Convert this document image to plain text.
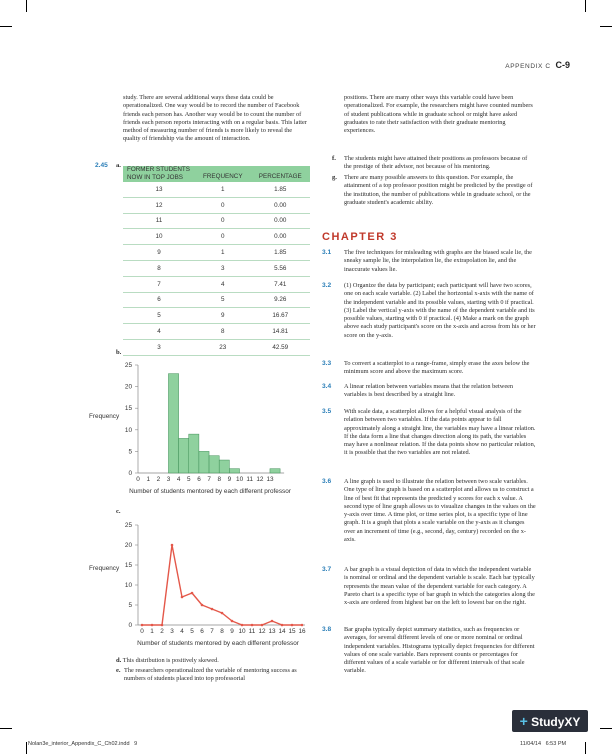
APPENDIX C C-9
study. There are several additional ways these data could be operationalized. One way would be to record the number of Facebook friends each person has. Another way would be to count the number of friends each person reports interacting with on a regular basis. This latter method of measuring number of friends is more likely to reveal the quality of friendship via the amount of interaction.
2.45 a.
FORMER STUDENTS NOW IN TOP JOBS	FREQUENCY	PERCENTAGE
13	1	1.85
12	0	0.00
11	0	0.00
10	0	0.00
9	1	1.85
8	3	5.56
7	4	7.41
6	5	9.26
5	9	16.67
4	8	14.81
3	23	42.59
b.
0
5
10
15
20
25
0 1 2 3 4 5 6 7 8 9 10 11 12 13
Frequency
Number of students mentored by each different professor
c.
0
5
10
15
20
25
0 1 2 3 4 5 6 7 8 9 10 11 12 13 14 15 16
Frequency
Number of students mentored by each different professor
d. This distribution is positively skewed.
e. The researchers operationalized the variable of mentoring success as numbers of students placed into top professorial
positions. There are many other ways this variable could have been operationalized. For example, the researchers might have counted numbers of student publications while in graduate school or might have asked graduates to rate their satisfaction with their graduate mentoring experiences.
f.	The students might have attained their positions as professors because of the prestige of their advisor, not because of his mentoring.
g.	There are many possible answers to this question. For example, the attainment of a top professor position might be predicted by the prestige of the institution, the number of publications while in graduate school, or the graduate student's academic ability.
CHAPTER 3
3.1	The five techniques for misleading with graphs are the biased scale lie, the sneaky sample lie, the interpolation lie, the extrapolation lie, and the inaccurate values lie.
3.2	(1) Organize the data by participant; each participant will have two scores, one on each scale variable. (2) Label the horizontal x-axis with the name of the independent variable and its possible values, starting with 0 if practical. (3) Label the vertical y-axis with the name of the dependent variable and its possible values, starting with 0 if practical. (4) Make a mark on the graph above each study participant's score on the x-axis and across from his or her score on the y-axis.
3.3	To convert a scatterplot to a range-frame, simply erase the axes below the minimum score and above the maximum score.
3.4	A linear relation between variables means that the relation between variables is best described by a straight line.
3.5	With scale data, a scatterplot allows for a helpful visual analysis of the relation between two variables. If the data points appear to fall approximately along a straight line, the variables may have a linear relation. If the data form a line that changes direction along its path, the variables may have a nonlinear relation. If the data points show no particular relation, it is possible that the two variables are not related.
3.6	A line graph is used to illustrate the relation between two scale variables. One type of line graph is based on a scatterplot and allows us to construct a line of best fit that represents the predicted y scores for each x value. A second type of line graph allows us to visualize changes in the values on the y-axis over time. A time plot, or time series plot, is a specific type of line graph. It is a graph that plots a scale variable on the y-axis as it changes over an increment of time (e.g., second, day, century) recorded on the x-axis.
3.7	A bar graph is a visual depiction of data in which the independent variable is nominal or ordinal and the dependent variable is scale. Each bar typically represents the mean value of the dependent variable for each category. A Pareto chart is a specific type of bar graph in which the categories along the x-axis are ordered from highest bar on the left to lowest bar on the right.
3.8	Bar graphs typically depict summary statistics, such as frequencies or averages, for several different levels of one or more nominal or ordinal independent variables. Histograms typically depict frequencies for different values of one scale variable. Bars represent counts or percentages for different values of a scale variable or for different intervals of that scale variable.
+ StudyXY
Nolan3e_interior_Appendix_C_Ch02.indd   9	11/04/14   6:53 PM
